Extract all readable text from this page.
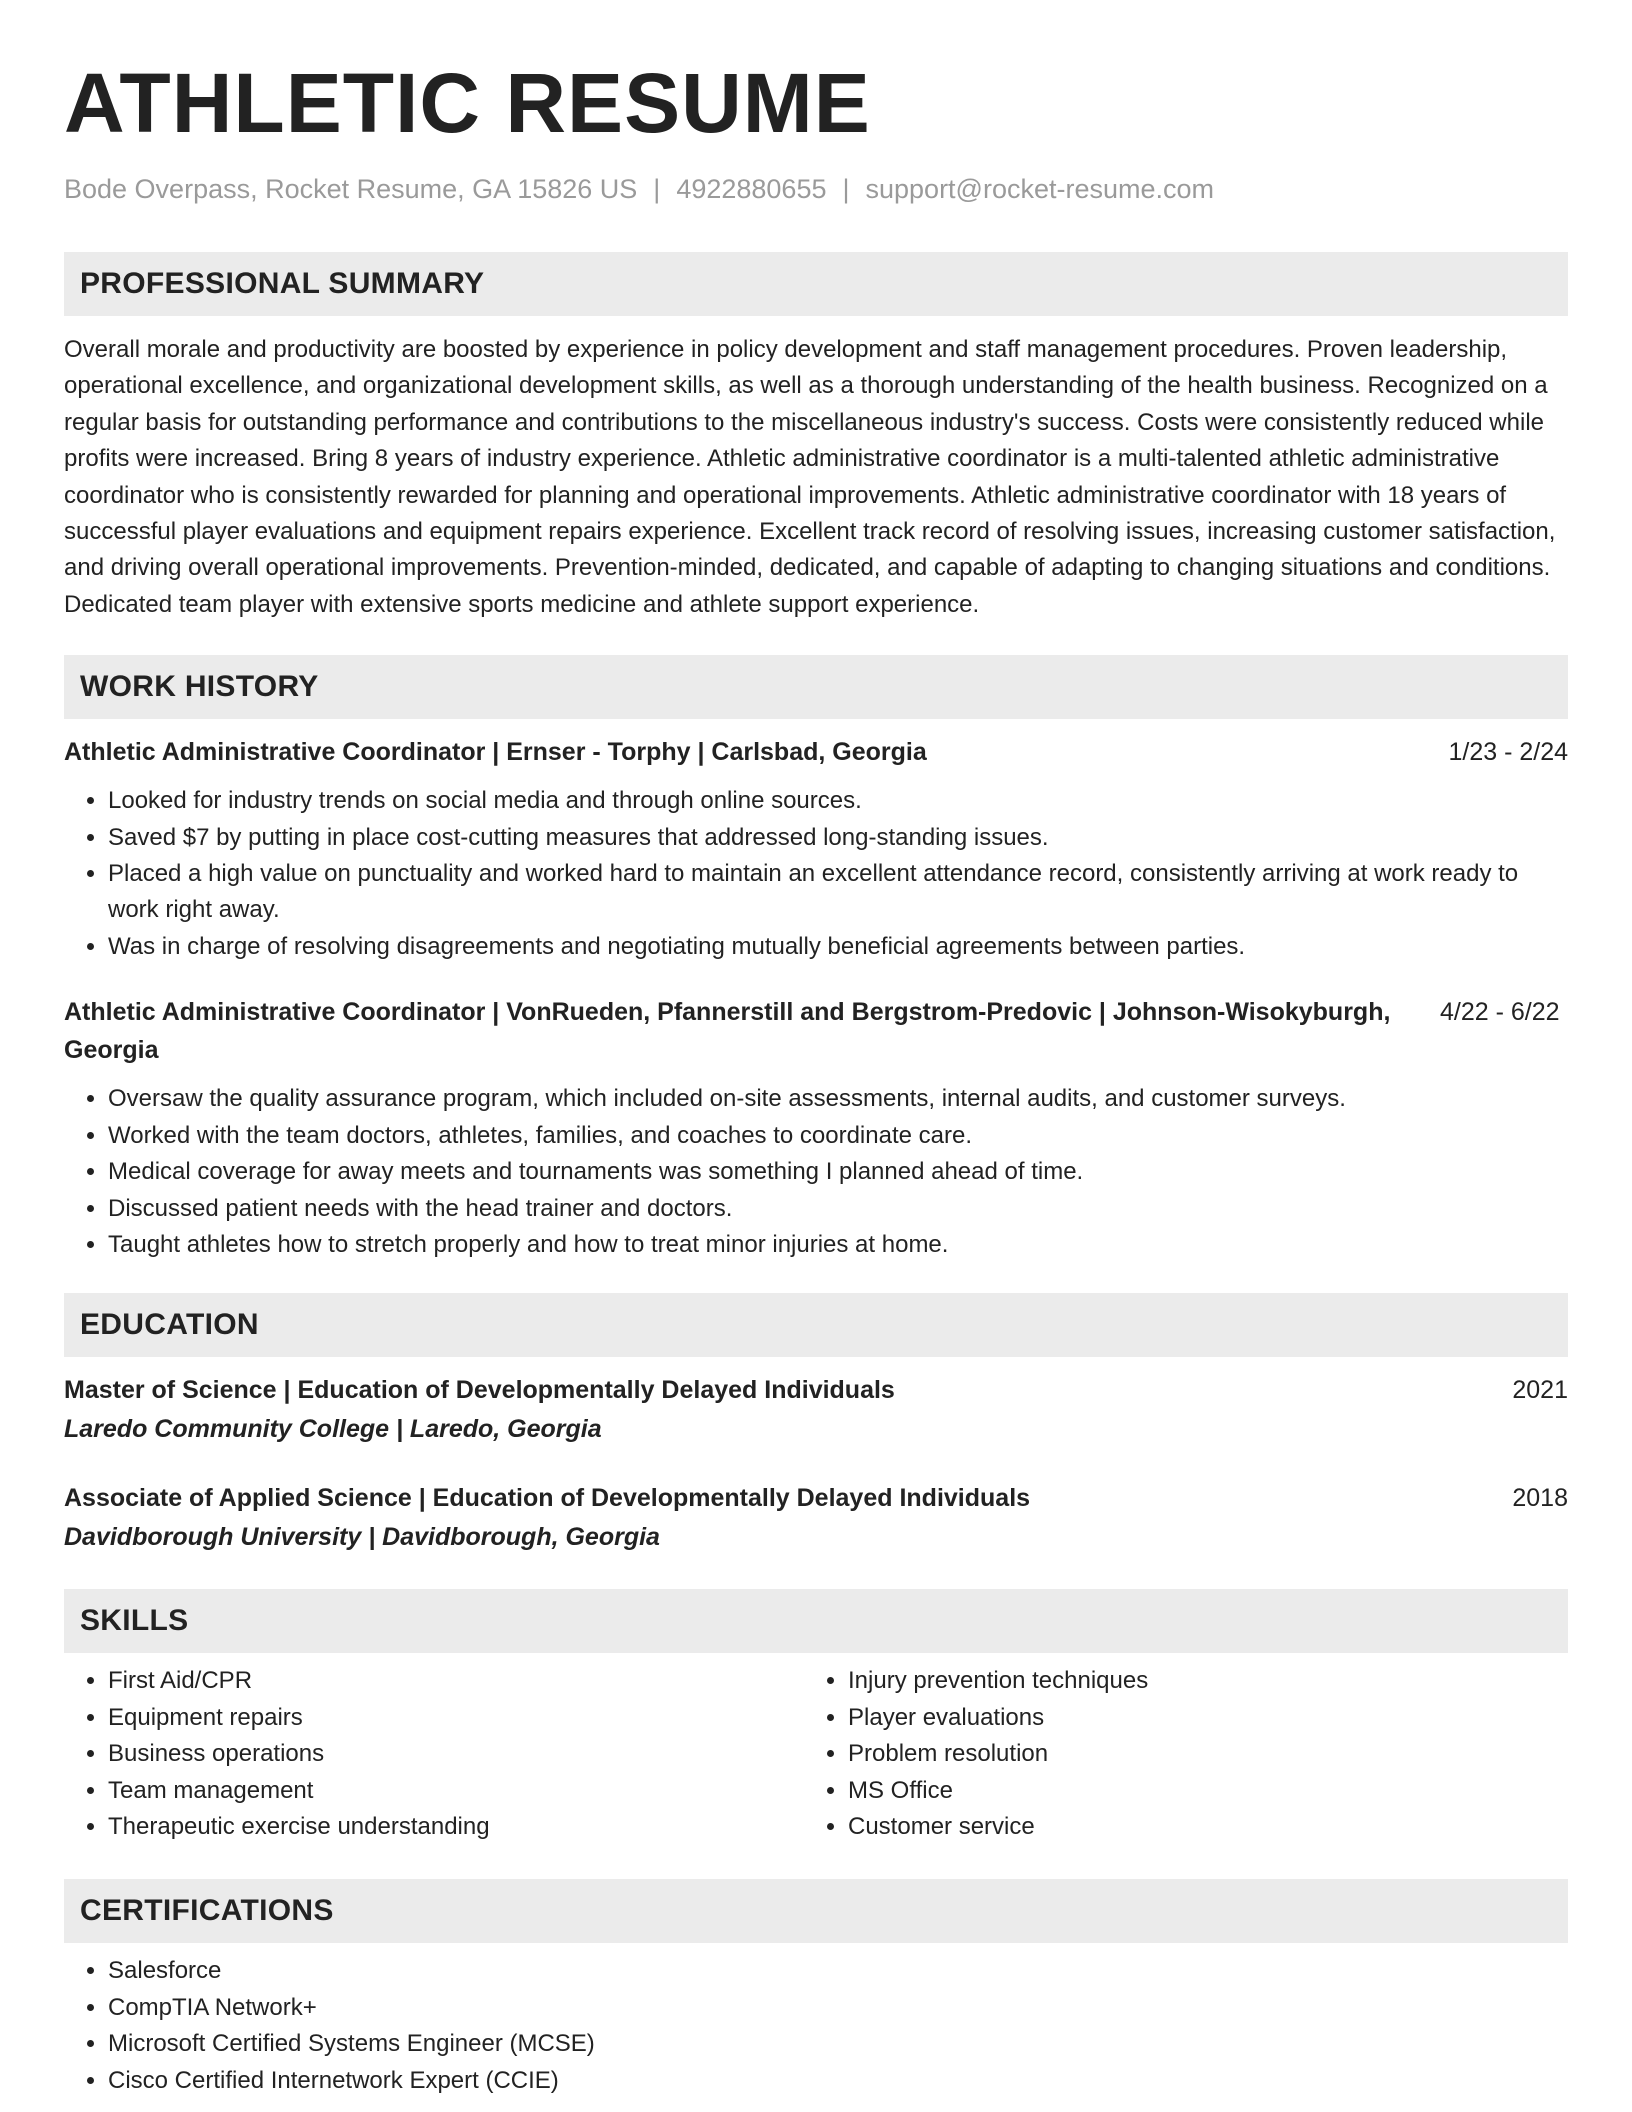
ATHLETIC RESUME
Bode Overpass, Rocket Resume, GA 15826 US | 4922880655 | support@rocket-resume.com
PROFESSIONAL SUMMARY
Overall morale and productivity are boosted by experience in policy development and staff management procedures. Proven leadership, operational excellence, and organizational development skills, as well as a thorough understanding of the health business. Recognized on a regular basis for outstanding performance and contributions to the miscellaneous industry's success. Costs were consistently reduced while profits were increased. Bring 8 years of industry experience. Athletic administrative coordinator is a multi-talented athletic administrative coordinator who is consistently rewarded for planning and operational improvements. Athletic administrative coordinator with 18 years of successful player evaluations and equipment repairs experience. Excellent track record of resolving issues, increasing customer satisfaction, and driving overall operational improvements. Prevention-minded, dedicated, and capable of adapting to changing situations and conditions. Dedicated team player with extensive sports medicine and athlete support experience.
WORK HISTORY
Athletic Administrative Coordinator | Ernser - Torphy | Carlsbad, Georgia	1/23 - 2/24
• Looked for industry trends on social media and through online sources.
• Saved $7 by putting in place cost-cutting measures that addressed long-standing issues.
• Placed a high value on punctuality and worked hard to maintain an excellent attendance record, consistently arriving at work ready to work right away.
• Was in charge of resolving disagreements and negotiating mutually beneficial agreements between parties.
Athletic Administrative Coordinator | VonRueden, Pfannerstill and Bergstrom-Predovic | Johnson-Wisokyburgh, Georgia
4/22 - 6/22
• Oversaw the quality assurance program, which included on-site assessments, internal audits, and customer surveys.
• Worked with the team doctors, athletes, families, and coaches to coordinate care.
• Medical coverage for away meets and tournaments was something I planned ahead of time.
• Discussed patient needs with the head trainer and doctors.
• Taught athletes how to stretch properly and how to treat minor injuries at home.
EDUCATION
Master of Science | Education of Developmentally Delayed Individuals	2021
Laredo Community College | Laredo, Georgia
Associate of Applied Science | Education of Developmentally Delayed Individuals	2018
Davidborough University | Davidborough, Georgia
SKILLS
• First Aid/CPR
• Equipment repairs
• Business operations
• Team management
• Therapeutic exercise understanding
• Injury prevention techniques
• Player evaluations
• Problem resolution
• MS Office
• Customer service
CERTIFICATIONS
• Salesforce
• CompTIA Network+
• Microsoft Certified Systems Engineer (MCSE)
• Cisco Certified Internetwork Expert (CCIE)
